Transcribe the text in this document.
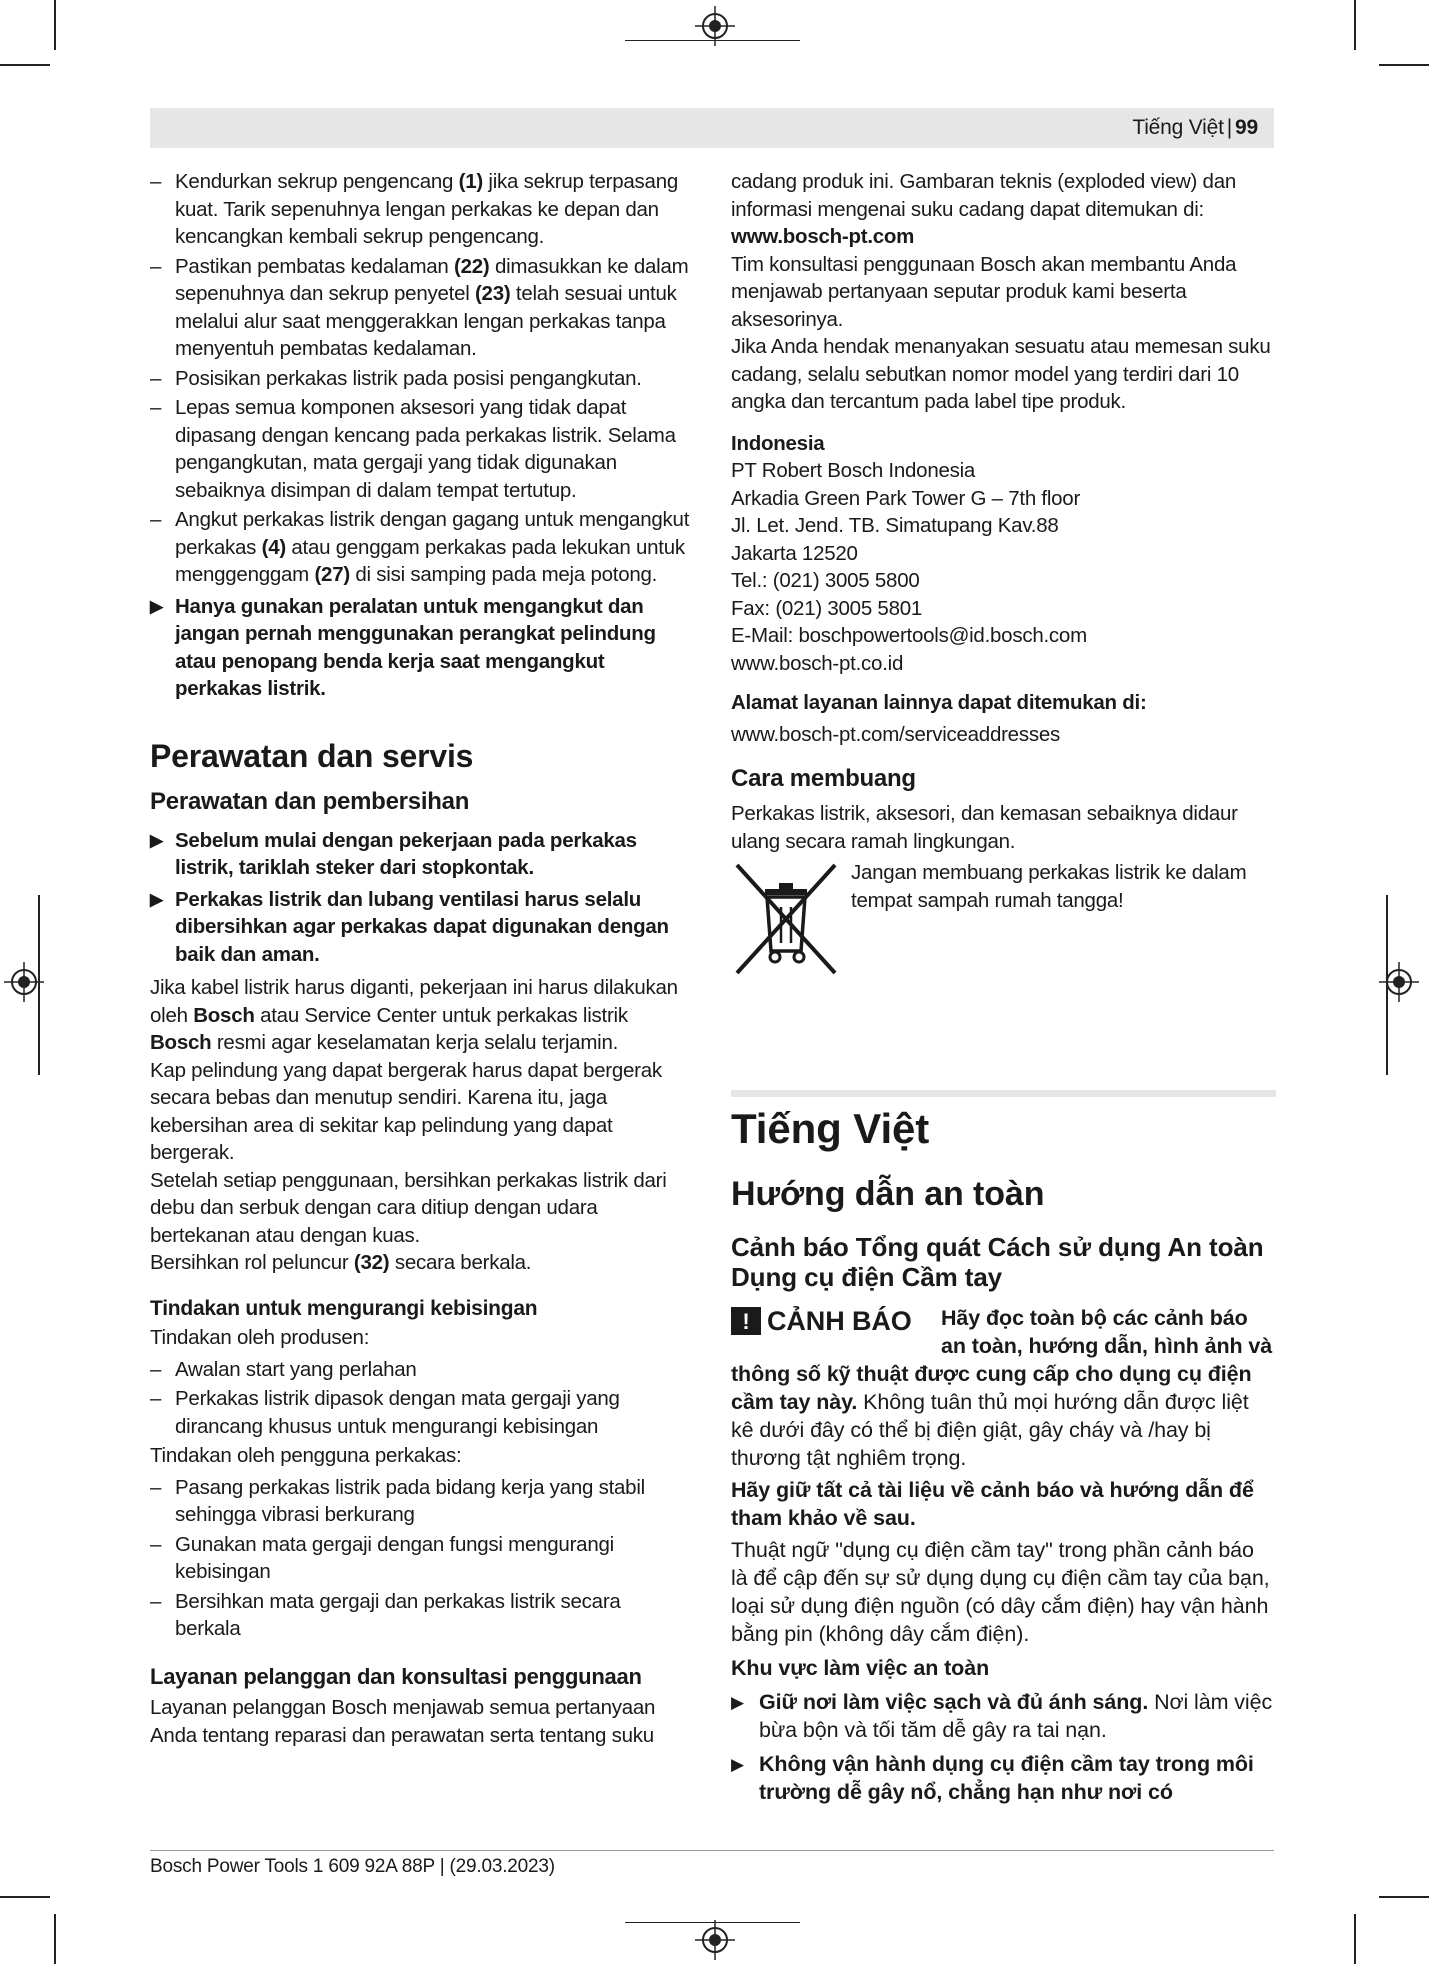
Tiếng Việt | 99

– Kendurkan sekrup pengencang (1) jika sekrup terpasang kuat. Tarik sepenuhnya lengan perkakas ke depan dan kencangkan kembali sekrup pengencang.

– Pastikan pembatas kedalaman (22) dimasukkan ke dalam sepenuhnya dan sekrup penyetel (23) telah sesuai untuk melalui alur saat menggerakkan lengan perkakas tanpa menyentuh pembatas kedalaman.

– Posisikan perkakas listrik pada posisi pengangkutan.

– Lepas semua komponen aksesori yang tidak dapat dipasang dengan kencang pada perkakas listrik. Selama pengangkutan, mata gergaji yang tidak digunakan sebaiknya disimpan di dalam tempat tertutup.

– Angkut perkakas listrik dengan gagang untuk mengangkut perkakas (4) atau genggam perkakas pada lekukan untuk menggenggam (27) di sisi samping pada meja potong.

▶ Hanya gunakan peralatan untuk mengangkut dan jangan pernah menggunakan perangkat pelindung atau penopang benda kerja saat mengangkut perkakas listrik.
Perawatan dan servis
Perawatan dan pembersihan
▶ Sebelum mulai dengan pekerjaan pada perkakas listrik, tariklah steker dari stopkontak.
▶ Perkakas listrik dan lubang ventilasi harus selalu dibersihkan agar perkakas dapat digunakan dengan baik dan aman.

Jika kabel listrik harus diganti, pekerjaan ini harus dilakukan oleh Bosch atau Service Center untuk perkakas listrik Bosch resmi agar keselamatan kerja selalu terjamin.

Kap pelindung yang dapat bergerak harus dapat bergerak secara bebas dan menutup sendiri. Karena itu, jaga kebersihan area di sekitar kap pelindung yang dapat bergerak.

Setelah setiap penggunaan, bersihkan perkakas listrik dari debu dan serbuk dengan cara ditiup dengan udara bertekanan atau dengan kuas.

Bersihkan rol peluncur (32) secara berkala.

Tindakan untuk mengurangi kebisingan

Tindakan oleh produsen:

– Awalan start yang perlahan

– Perkakas listrik dipasok dengan mata gergaji yang dirancang khusus untuk mengurangi kebisingan

Tindakan oleh pengguna perkakas:

– Pasang perkakas listrik pada bidang kerja yang stabil sehingga vibrasi berkurang

– Gunakan mata gergaji dengan fungsi mengurangi kebisingan

– Bersihkan mata gergaji dan perkakas listrik secara berkala

Layanan pelanggan dan konsultasi penggunaan

Layanan pelanggan Bosch menjawab semua pertanyaan Anda tentang reparasi dan perawatan serta tentang suku

cadang produk ini. Gambaran teknis (exploded view) dan informasi mengenai suku cadang dapat ditemukan di:

www.bosch-pt.com

Tim konsultasi penggunaan Bosch akan membantu Anda menjawab pertanyaan seputar produk kami beserta aksesorinya.

Jika Anda hendak menanyakan sesuatu atau memesan suku cadang, selalu sebutkan nomor model yang terdiri dari 10 angka dan tercantum pada label tipe produk.

Indonesia

PT Robert Bosch Indonesia

Arkadia Green Park Tower G – 7th floor

Jl. Let. Jend. TB. Simatupang Kav.88

Jakarta 12520

Tel.: (021) 3005 5800

Fax: (021) 3005 5801

E-Mail: boschpowertools@id.bosch.com

www.bosch-pt.co.id

Alamat layanan lainnya dapat ditemukan di:

www.bosch-pt.com/serviceaddresses

Cara membuang

Perkakas listrik, aksesori, dan kemasan sebaiknya didaur ulang secara ramah lingkungan.

Jangan membuang perkakas listrik ke dalam tempat sampah rumah tangga!
Tiếng Việt
Hướng dẫn an toàn
Cảnh báo Tổng quát Cách sử dụng An toàn Dụng cụ điện Cầm tay
! CẢNH BÁO	Hãy đọc toàn bộ các cảnh báo an toàn, hướng dẫn, hình ảnh và thông số kỹ thuật được cung cấp cho dụng cụ điện cầm tay này. Không tuân thủ mọi hướng dẫn được liệt kê dưới đây có thể bị điện giật, gây cháy và /hay bị thương tật nghiêm trọng.

Hãy giữ tất cả tài liệu về cảnh báo và hướng dẫn để tham khảo về sau.

Thuật ngữ "dụng cụ điện cầm tay" trong phần cảnh báo là để cập đến sự sử dụng dụng cụ điện cầm tay của bạn, loại sử dụng điện nguồn (có dây cắm điện) hay vận hành bằng pin (không dây cắm điện).

Khu vực làm việc an toàn
▶ Giữ nơi làm việc sạch và đủ ánh sáng. Nơi làm việc bừa bộn và tối tăm dễ gây ra tai nạn.
▶ Không vận hành dụng cụ điện cầm tay trong môi trường dễ gây nổ, chẳng hạn như nơi có
Bosch Power Tools 1 609 92A 88P | (29.03.2023)
